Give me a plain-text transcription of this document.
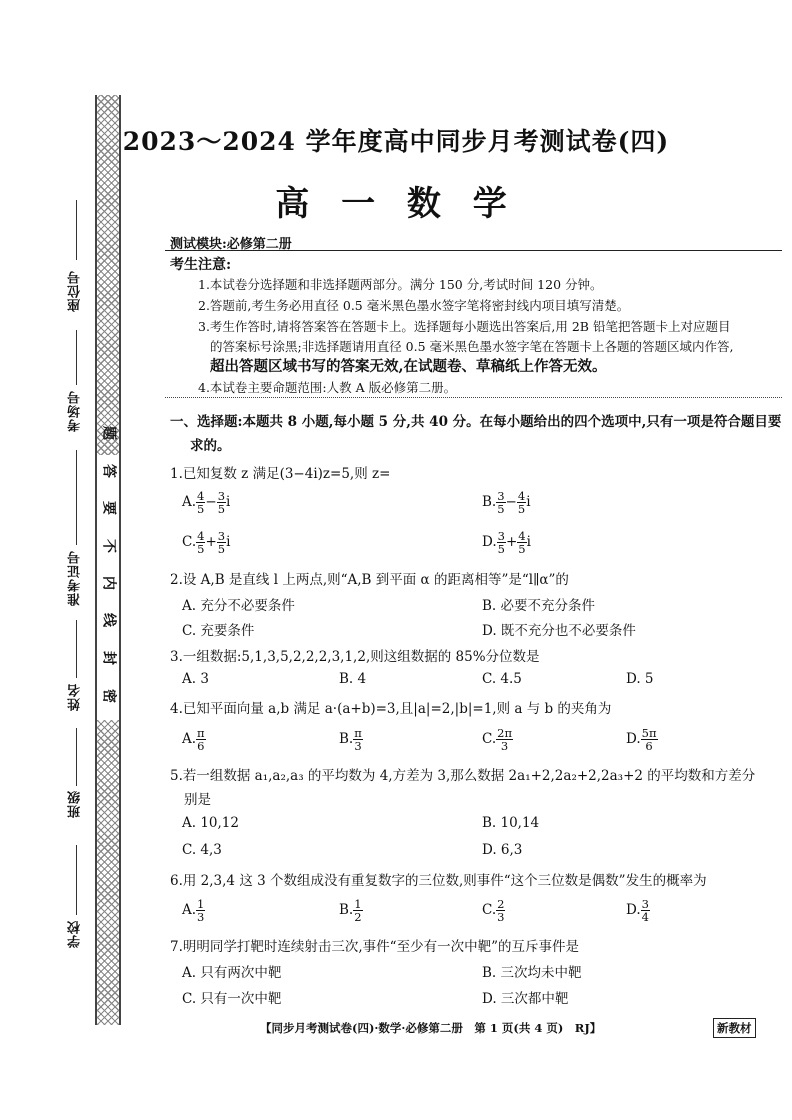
题
答
要
不
内
线
封
密
座位号
考场号
准考证号
姓名
班级
学校
2023～2024 学年度高中同步月考测试卷(四)
高 一 数 学
测试模块:必修第二册
考生注意:
1.本试卷分选择题和非选择题两部分。满分 150 分,考试时间 120 分钟。
2.答题前,考生务必用直径 0.5 毫米黑色墨水签字笔将密封线内项目填写清楚。
3.考生作答时,请将答案答在答题卡上。选择题每小题选出答案后,用 2B 铅笔把答题卡上对应题目
的答案标号涂黑;非选择题请用直径 0.5 毫米黑色墨水签字笔在答题卡上各题的答题区域内作答,
超出答题区域书写的答案无效,在试题卷、草稿纸上作答无效。
4.本试卷主要命题范围:人教 A 版必修第二册。
一、选择题:本题共 8 小题,每小题 5 分,共 40 分。在每小题给出的四个选项中,只有一项是符合题目要
求的。
1.已知复数 z 满足(3−4i)z=5,则 z=
A. $\frac{4}{5} - \frac{3}{5}$ i	B. $\frac{3}{5} - \frac{4}{5}$ i
C. $\frac{4}{5} + \frac{3}{5}$ i	D. $\frac{3}{5} + \frac{4}{5}$ i
2.设 A,B 是直线 l 上两点,则“A,B 到平面 α 的距离相等”是“l∥α”的
A. 充分不必要条件	B. 必要不充分条件
C. 充要条件	D. 既不充分也不必要条件
3.一组数据:5,1,3,5,2,2,2,3,1,2,则这组数据的 85%分位数是
A. 3	B. 4	C. 4.5	D. 5
4.已知平面向量 a,b 满足 a·(a+b)=3,且|a|=2,|b|=1,则 a 与 b 的夹角为
A. $\frac{\pi}{6}$	B. $\frac{\pi}{3}$	C. $\frac{2\pi}{3}$	D. $\frac{5\pi}{6}$
5.若一组数据 a₁,a₂,a₃ 的平均数为 4,方差为 3,那么数据 2a₁+2,2a₂+2,2a₃+2 的平均数和方差分
别是
A. 10,12	B. 10,14
C. 4,3	D. 6,3
6.用 2,3,4 这 3 个数组成没有重复数字的三位数,则事件“这个三位数是偶数”发生的概率为
A. $\frac{1}{3}$	B. $\frac{1}{2}$	C. $\frac{2}{3}$	D. $\frac{3}{4}$
7.明明同学打靶时连续射击三次,事件“至少有一次中靶”的互斥事件是
A. 只有两次中靶	B. 三次均未中靶
C. 只有一次中靶	D. 三次都中靶
【同步月考测试卷(四)·数学·必修第二册　第 1 页(共 4 页)　RJ】	新教材
